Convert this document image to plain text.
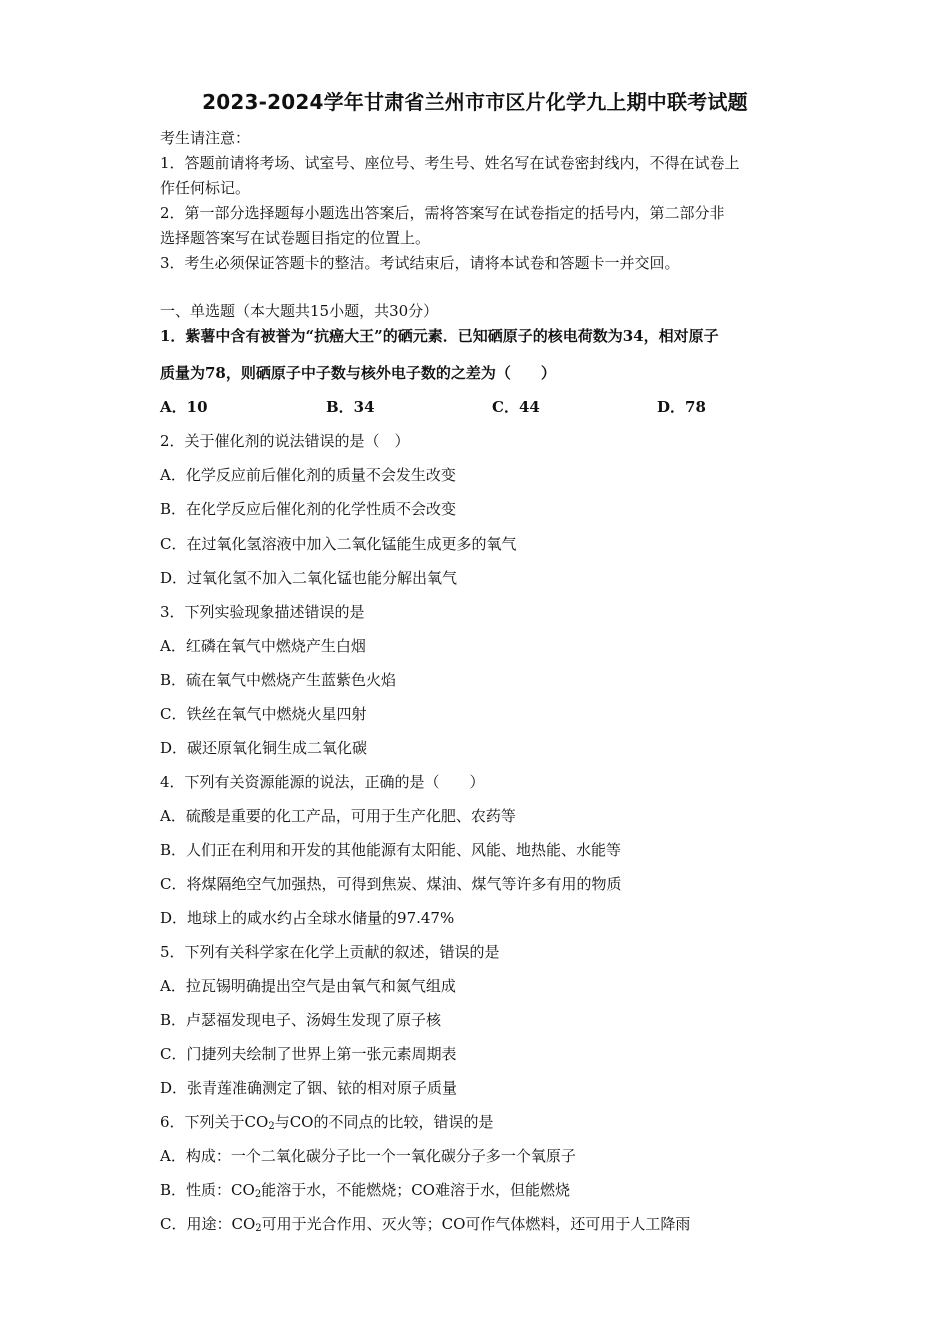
2023-2024学年甘肃省兰州市市区片化学九上期中联考试题
考生请注意：
1．答题前请将考场、试室号、座位号、考生号、姓名写在试卷密封线内，不得在试卷上
作任何标记。
2．第一部分选择题每小题选出答案后，需将答案写在试卷指定的括号内，第二部分非
选择题答案写在试卷题目指定的位置上。
3．考生必须保证答题卡的整洁。考试结束后，请将本试卷和答题卡一并交回。
一、单选题（本大题共15小题，共30分）
1．紫薯中含有被誉为“抗癌大王”的硒元素．已知硒原子的核电荷数为34，相对原子
质量为78，则硒原子中子数与核外电子数的之差为（　　）
A．10	B．34	C．44	D．78
2．关于催化剂的说法错误的是（　）
A．化学反应前后催化剂的质量不会发生改变
B．在化学反应后催化剂的化学性质不会改变
C．在过氧化氢溶液中加入二氧化锰能生成更多的氧气
D．过氧化氢不加入二氧化锰也能分解出氧气
3．下列实验现象描述错误的是
A．红磷在氧气中燃烧产生白烟
B．硫在氧气中燃烧产生蓝紫色火焰
C．铁丝在氧气中燃烧火星四射
D．碳还原氧化铜生成二氧化碳
4．下列有关资源能源的说法，正确的是（　　）
A．硫酸是重要的化工产品，可用于生产化肥、农药等
B．人们正在利用和开发的其他能源有太阳能、风能、地热能、水能等
C．将煤隔绝空气加强热，可得到焦炭、煤油、煤气等许多有用的物质
D．地球上的咸水约占全球水储量的97.47%
5．下列有关科学家在化学上贡献的叙述，错误的是
A．拉瓦锡明确提出空气是由氧气和氮气组成
B．卢瑟福发现电子、汤姆生发现了原子核
C．门捷列夫绘制了世界上第一张元素周期表
D．张青莲准确测定了铟、铱的相对原子质量
6．下列关于$CO_2$与CO的不同点的比较，错误的是
A．构成：一个二氧化碳分子比一个一氧化碳分子多一个氧原子
B．性质：$CO_2$能溶于水，不能燃烧；CO难溶于水，但能燃烧
C．用途：$CO_2$可用于光合作用、灭火等；CO可作气体燃料，还可用于人工降雨
